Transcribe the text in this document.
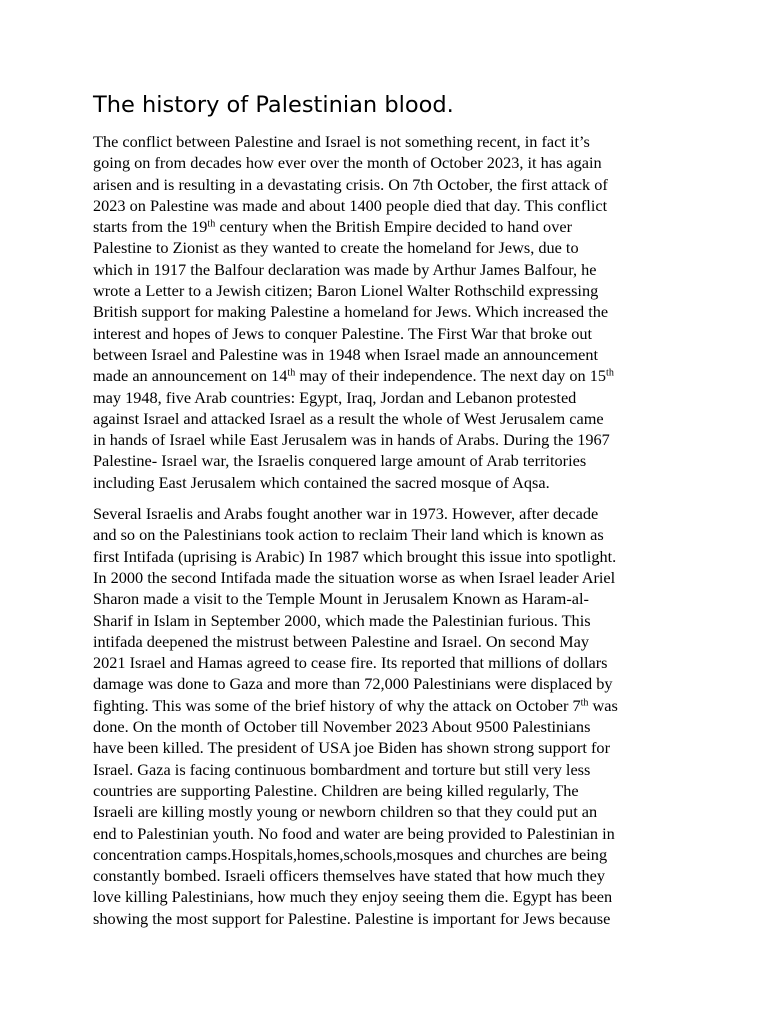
The history of Palestinian blood.

The conflict between Palestine and Israel is not something recent, in fact it’s
going on from decades how ever over the month of October 2023, it has again
arisen and is resulting in a devastating crisis. On 7th October, the first attack of
2023 on Palestine was made and about 1400 people died that day. This conflict
starts from the 19th century when the British Empire decided to hand over
Palestine to Zionist as they wanted to create the homeland for Jews, due to
which in 1917 the Balfour declaration was made by Arthur James Balfour, he
wrote a Letter to a Jewish citizen; Baron Lionel Walter Rothschild expressing
British support for making Palestine a homeland for Jews. Which increased the
interest and hopes of Jews to conquer Palestine. The First War that broke out
between Israel and Palestine was in 1948 when Israel made an announcement
made an announcement on 14th may of their independence. The next day on 15th
may 1948, five Arab countries: Egypt, Iraq, Jordan and Lebanon protested
against Israel and attacked Israel as a result the whole of West Jerusalem came
in hands of Israel while East Jerusalem was in hands of Arabs. During the 1967
Palestine- Israel war, the Israelis conquered large amount of Arab territories
including East Jerusalem which contained the sacred mosque of Aqsa.

Several Israelis and Arabs fought another war in 1973. However, after decade
and so on the Palestinians took action to reclaim Their land which is known as
first Intifada (uprising is Arabic) In 1987 which brought this issue into spotlight.
In 2000 the second Intifada made the situation worse as when Israel leader Ariel
Sharon made a visit to the Temple Mount in Jerusalem Known as Haram-al-
Sharif in Islam in September 2000, which made the Palestinian furious. This
intifada deepened the mistrust between Palestine and Israel. On second May
2021 Israel and Hamas agreed to cease fire. Its reported that millions of dollars
damage was done to Gaza and more than 72,000 Palestinians were displaced by
fighting. This was some of the brief history of why the attack on October 7th was
done. On the month of October till November 2023 About 9500 Palestinians
have been killed. The president of USA joe Biden has shown strong support for
Israel. Gaza is facing continuous bombardment and torture but still very less
countries are supporting Palestine. Children are being killed regularly, The
Israeli are killing mostly young or newborn children so that they could put an
end to Palestinian youth. No food and water are being provided to Palestinian in
concentration camps.Hospitals,homes,schools,mosques and churches are being
constantly bombed. Israeli officers themselves have stated that how much they
love killing Palestinians, how much they enjoy seeing them die. Egypt has been
showing the most support for Palestine. Palestine is important for Jews because
